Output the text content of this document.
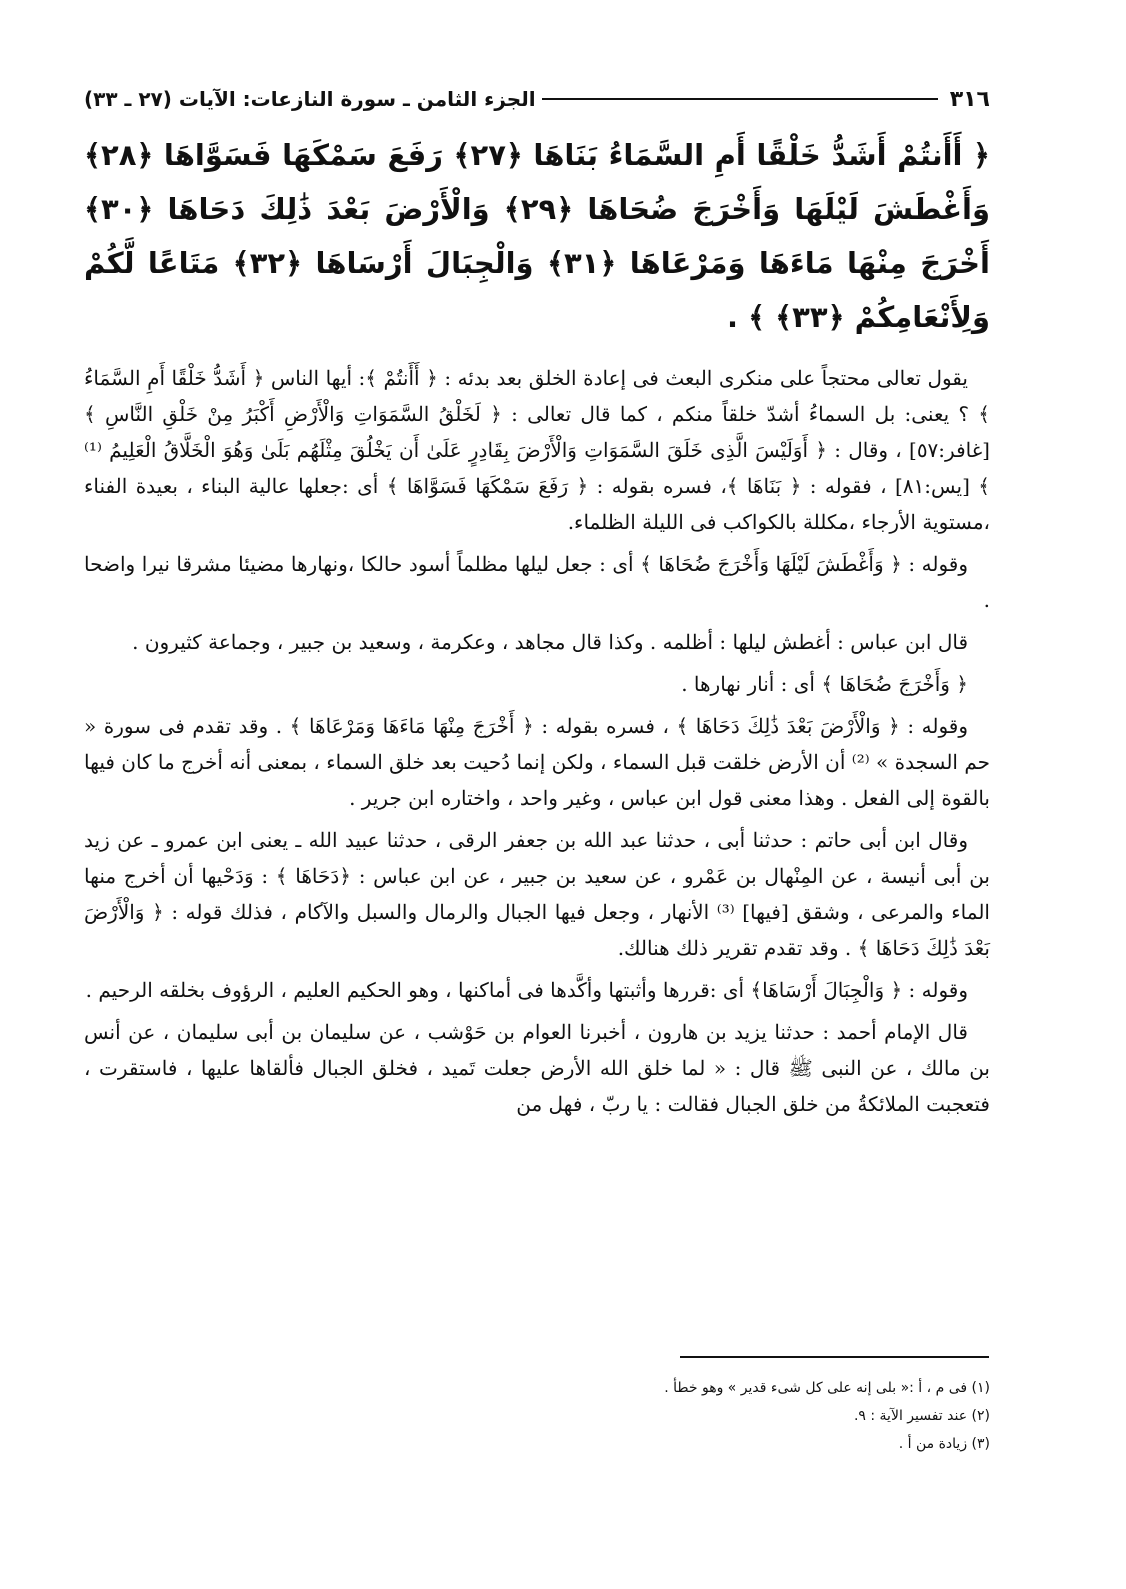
٣١٦
الجزء الثامن ـ سورة النازعات: الآيات (٢٧ ـ ٣٣)
﴿ أَأَنتُمْ أَشَدُّ خَلْقًا أَمِ السَّمَاءُ بَنَاهَا ﴿٢٧﴾ رَفَعَ سَمْكَهَا فَسَوَّاهَا ﴿٢٨﴾ وَأَغْطَشَ لَيْلَهَا وَأَخْرَجَ ضُحَاهَا ﴿٢٩﴾ وَالْأَرْضَ بَعْدَ ذَٰلِكَ دَحَاهَا ﴿٣٠﴾ أَخْرَجَ مِنْهَا مَاءَهَا وَمَرْعَاهَا ﴿٣١﴾ وَالْجِبَالَ أَرْسَاهَا ﴿٣٢﴾ مَتَاعًا لَّكُمْ وَلِأَنْعَامِكُمْ ﴿٣٣﴾ ﴾ .

يقول تعالى محتجاً على منكرى البعث فى إعادة الخلق بعد بدئه : ﴿ أَأَنتُمْ ﴾: أيها الناس ﴿ أَشَدُّ خَلْقًا أَمِ السَّمَاءُ ﴾ ؟ يعنى: بل السماءُ أشدّ خلقاً منكم ، كما قال تعالى : ﴿ لَخَلْقُ السَّمَوَاتِ وَالْأَرْضِ أَكْبَرُ مِنْ خَلْقِ النَّاسِ ﴾ [غافر:٥٧] ، وقال : ﴿ أَوَلَيْسَ الَّذِى خَلَقَ السَّمَوَاتِ وَالْأَرْضَ بِقَادِرٍ عَلَىٰ أَن يَخْلُقَ مِثْلَهُم بَلَىٰ وَهُوَ الْخَلَّاقُ الْعَلِيمُ ⁽¹⁾ ﴾ [يس:٨١] ، فقوله : ﴿ بَنَاهَا ﴾، فسره بقوله : ﴿ رَفَعَ سَمْكَهَا فَسَوَّاهَا ﴾ أى :جعلها عالية البناء ، بعيدة الفناء ،مستوية الأرجاء ،مكللة بالكواكب فى الليلة الظلماء.

وقوله : ﴿ وَأَغْطَشَ لَيْلَهَا وَأَخْرَجَ ضُحَاهَا ﴾ أى : جعل ليلها مظلماً أسود حالكا ،ونهارها مضيئا مشرقا نيرا واضحا .

قال ابن عباس : أغطش ليلها : أظلمه . وكذا قال مجاهد ، وعكرمة ، وسعيد بن جبير ، وجماعة كثيرون .

﴿ وَأَخْرَجَ ضُحَاهَا ﴾ أى : أنار نهارها .

وقوله : ﴿ وَالْأَرْضَ بَعْدَ ذَٰلِكَ دَحَاهَا ﴾ ، فسره بقوله : ﴿ أَخْرَجَ مِنْهَا مَاءَهَا وَمَرْعَاهَا ﴾ . وقد تقدم فى سورة « حم السجدة » ⁽²⁾ أن الأرض خلقت قبل السماء ، ولكن إنما دُحيت بعد خلق السماء ، بمعنى أنه أخرج ما كان فيها بالقوة إلى الفعل . وهذا معنى قول ابن عباس ، وغير واحد ، واختاره ابن جرير .

وقال ابن أبى حاتم : حدثنا أبى ، حدثنا عبد الله بن جعفر الرقى ، حدثنا عبيد الله ـ يعنى ابن عمرو ـ عن زيد بن أبى أنيسة ، عن المِنْهال بن عَمْرو ، عن سعيد بن جبير ، عن ابن عباس : ﴿دَحَاهَا ﴾ : وَدَحْيها أن أخرج منها الماء والمرعى ، وشقق [فيها] ⁽³⁾ الأنهار ، وجعل فيها الجبال والرمال والسبل والآكام ، فذلك قوله : ﴿ وَالْأَرْضَ بَعْدَ ذَٰلِكَ دَحَاهَا ﴾ . وقد تقدم تقرير ذلك هنالك.

وقوله : ﴿ وَالْجِبَالَ أَرْسَاهَا﴾ أى :قررها وأثبتها وأكَّدها فى أماكنها ، وهو الحكيم العليم ، الرؤوف بخلقه الرحيم .

قال الإمام أحمد : حدثنا يزيد بن هارون ، أخبرنا العوام بن حَوْشب ، عن سليمان بن أبى سليمان ، عن أنس بن مالك ، عن النبى ﷺ قال : « لما خلق الله الأرض جعلت تَميد ، فخلق الجبال فألقاها عليها ، فاستقرت ، فتعجبت الملائكةُ من خلق الجبال فقالت : يا ربّ ، فهل من

(١) فى م ، أ :« بلى إنه على كل شىء قدير » وهو خطأ .
(٢) عند تفسير الآية : ٩.
(٣) زيادة من أ .
